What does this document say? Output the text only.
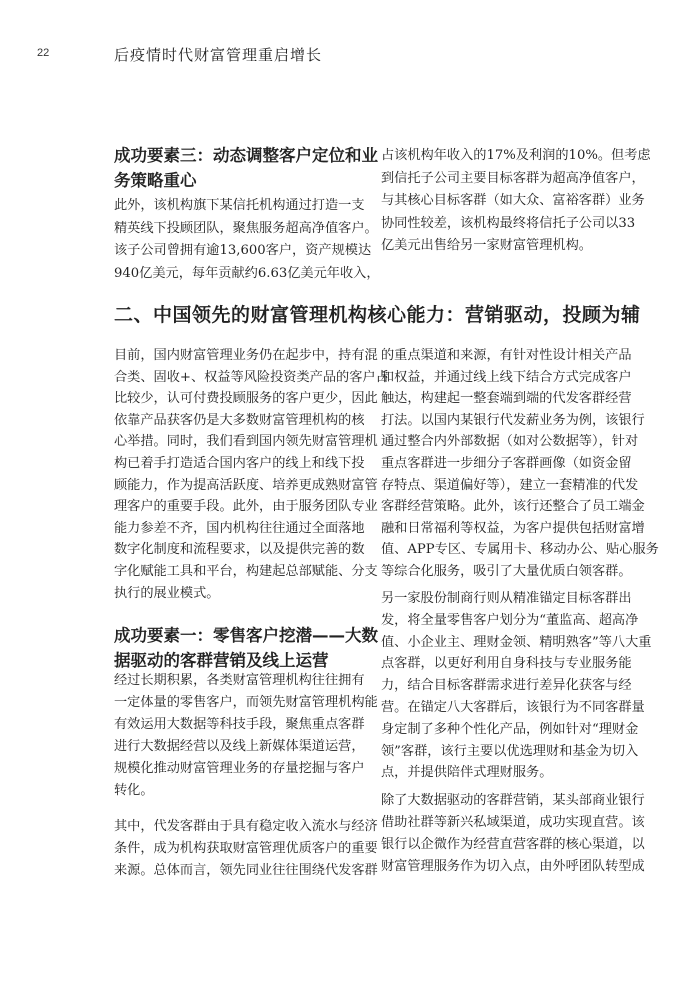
22	后疫情时代财富管理重启增长
成功要素三：动态调整客户定位和业
务策略重心
此外，该机构旗下某信托机构通过打造一支
精英线下投顾团队，聚焦服务超高净值客户。
该子公司曾拥有逾13,600客户，资产规模达
940亿美元，每年贡献约6.63亿美元年收入，
占该机构年收入的17%及利润的10%。但考虑
到信托子公司主要目标客群为超高净值客户，
与其核心目标客群（如大众、富裕客群）业务
协同性较差，该机构最终将信托子公司以33
亿美元出售给另一家财富管理机构。
二、中国领先的财富管理机构核心能力：营销驱动，投顾为辅
目前，国内财富管理业务仍在起步中，持有混
合类、固收+、权益等风险投资类产品的客户占
比较少，认可付费投顾服务的客户更少，因此
依靠产品获客仍是大多数财富管理机构的核
心举措。同时，我们看到国内领先财富管理机
构已着手打造适合国内客户的线上和线下投
顾能力，作为提高活跃度、培养更成熟财富管
理客户的重要手段。此外，由于服务团队专业
能力参差不齐，国内机构往往通过全面落地
数字化制度和流程要求，以及提供完善的数
字化赋能工具和平台，构建起总部赋能、分支
执行的展业模式。
成功要素一：零售客户挖潜——大数
据驱动的客群营销及线上运营
经过长期积累，各类财富管理机构往往拥有
一定体量的零售客户，而领先财富管理机构能
有效运用大数据等科技手段，聚焦重点客群
进行大数据经营以及线上新媒体渠道运营，
规模化推动财富管理业务的存量挖掘与客户
转化。
其中，代发客群由于具有稳定收入流水与经济
条件，成为机构获取财富管理优质客户的重要
来源。总体而言，领先同业往往围绕代发客群
的重点渠道和来源，有针对性设计相关产品
和权益，并通过线上线下结合方式完成客户
触达，构建起一整套端到端的代发客群经营
打法。以国内某银行代发薪业务为例，该银行
通过整合内外部数据（如对公数据等），针对
重点客群进一步细分子客群画像（如资金留
存特点、渠道偏好等），建立一套精准的代发
客群经营策略。此外，该行还整合了员工端金
融和日常福利等权益，为客户提供包括财富增
值、APP专区、专属用卡、移动办公、贴心服务
等综合化服务，吸引了大量优质白领客群。
另一家股份制商行则从精准锚定目标客群出
发，将全量零售客户划分为“董监高、超高净
值、小企业主、理财金领、精明熟客”等八大重
点客群，以更好利用自身科技与专业服务能
力，结合目标客群需求进行差异化获客与经
营。在锚定八大客群后，该银行为不同客群量
身定制了多种个性化产品，例如针对“理财金
领”客群，该行主要以优选理财和基金为切入
点，并提供陪伴式理财服务。
除了大数据驱动的客群营销，某头部商业银行
借助社群等新兴私域渠道，成功实现直营。该
银行以企微作为经营直营客群的核心渠道，以
财富管理服务作为切入点，由外呼团队转型成
